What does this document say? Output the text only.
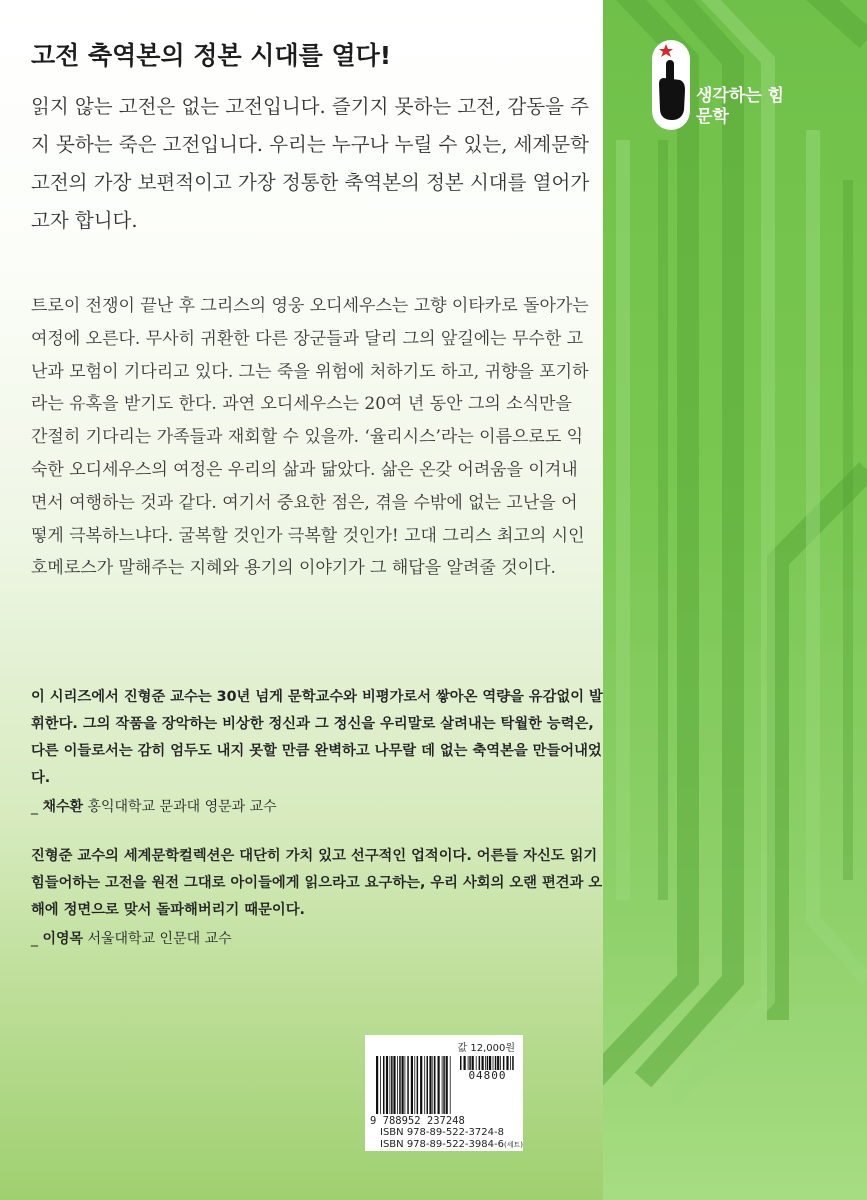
생각하는 힘
문학
고전 축역본의 정본 시대를 열다!

읽지 않는 고전은 없는 고전입니다. 즐기지 못하는 고전, 감동을 주지 못하는 죽은 고전입니다. 우리는 누구나 누릴 수 있는, 세계문학 고전의 가장 보편적이고 가장 정통한 축역본의 정본 시대를 열어가고자 합니다.

트로이 전쟁이 끝난 후 그리스의 영웅 오디세우스는 고향 이타카로 돌아가는 여정에 오른다. 무사히 귀환한 다른 장군들과 달리 그의 앞길에는 무수한 고난과 모험이 기다리고 있다. 그는 죽을 위험에 처하기도 하고, 귀향을 포기하라는 유혹을 받기도 한다. 과연 오디세우스는 20여 년 동안 그의 소식만을 간절히 기다리는 가족들과 재회할 수 있을까. ‘율리시스’라는 이름으로도 익숙한 오디세우스의 여정은 우리의 삶과 닮았다. 삶은 온갖 어려움을 이겨내면서 여행하는 것과 같다. 여기서 중요한 점은, 겪을 수밖에 없는 고난을 어떻게 극복하느냐다. 굴복할 것인가 극복할 것인가! 고대 그리스 최고의 시인 호메로스가 말해주는 지혜와 용기의 이야기가 그 해답을 알려줄 것이다.

이 시리즈에서 진형준 교수는 30년 넘게 문학교수와 비평가로서 쌓아온 역량을 유감없이 발휘한다. 그의 작품을 장악하는 비상한 정신과 그 정신을 우리말로 살려내는 탁월한 능력은, 다른 이들로서는 감히 엄두도 내지 못할 만큼 완벽하고 나무랄 데 없는 축역본을 만들어내었다.

_ 채수환 홍익대학교 문과대 영문과 교수

진형준 교수의 세계문학컬렉션은 대단히 가치 있고 선구적인 업적이다. 어른들 자신도 읽기 힘들어하는 고전을 원전 그대로 아이들에게 읽으라고 요구하는, 우리 사회의 오랜 편견과 오해에 정면으로 맞서 돌파해버리기 때문이다.

_ 이영목 서울대학교 인문대 교수
값 12,000원
04800
9 788952 237248
ISBN 978-89-522-3724-8
ISBN 978-89-522-3984-6(세트)
